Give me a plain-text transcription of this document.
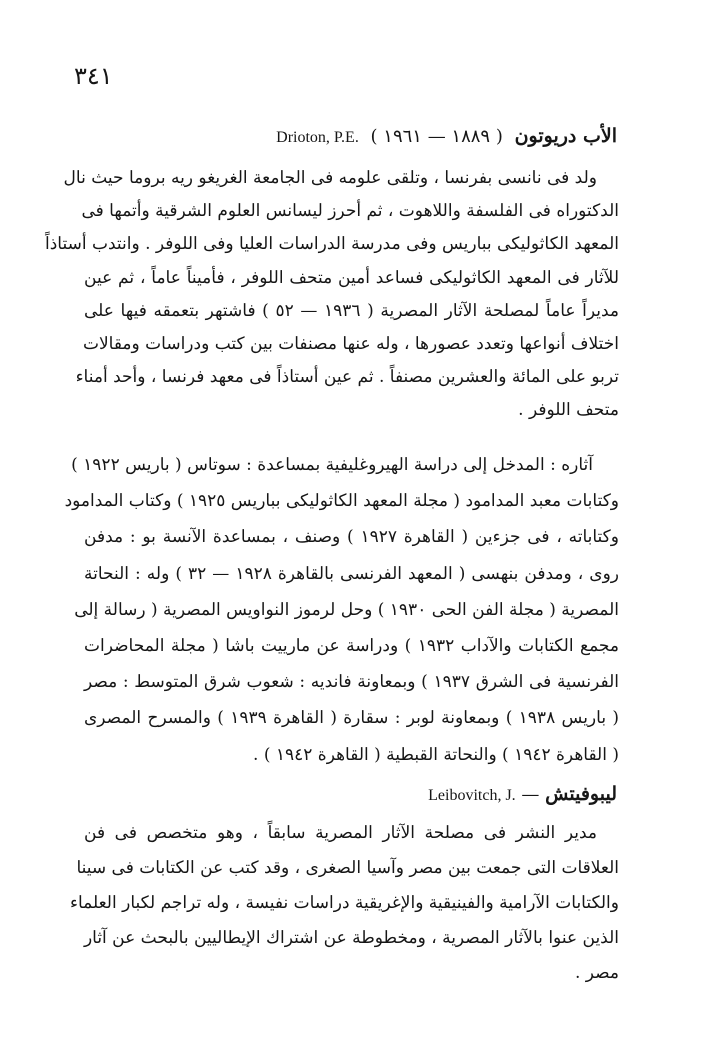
٣٤١
الأب دريوتون ( ١٨٨٩ — ١٩٦١ ) Drioton, P.E.
ولد فى نانسى بفرنسا ، وتلقى علومه فى الجامعة الغريغو ريه بروما حيث نال
الدكتوراه فى الفلسفة واللاهوت ، ثم أحرز ليسانس العلوم الشرقية وأتمها فى
المعهد الكاثوليكى بباريس وفى مدرسة الدراسات العليا وفى اللوفر . وانتدب أستاذاً
للآثار فى المعهد الكاثوليكى فساعد أمين متحف اللوفر ، فأميناً عاماً ، ثم عين
مديراً عاماً لمصلحة الآثار المصرية ( ١٩٣٦ — ٥٢ ) فاشتهر بتعمقه فيها على
اختلاف أنواعها وتعدد عصورها ، وله عنها مصنفات بين كتب ودراسات ومقالات
تربو على المائة والعشرين مصنفاً . ثم عين أستاذاً فى معهد فرنسا ، وأحد أمناء
متحف اللوفر .
آثاره : المدخل إلى دراسة الهيروغليفية بمساعدة : سوتاس ( باريس ١٩٢٢ )
وكتابات معبد المدامود ( مجلة المعهد الكاثوليكى بباريس ١٩٢٥ ) وكتاب المدامود
وكتاباته ، فى جزءين ( القاهرة ١٩٢٧ ) وصنف ، بمساعدة الآنسة بو : مدفن
روى ، ومدفن بنهسى ( المعهد الفرنسى بالقاهرة ١٩٢٨ — ٣٢ ) وله : النحاتة
المصرية ( مجلة الفن الحى ١٩٣٠ ) وحل لرموز النواويس المصرية ( رسالة إلى
مجمع الكتابات والآداب ١٩٣٢ ) ودراسة عن مارييت باشا ( مجلة المحاضرات
الفرنسية فى الشرق ١٩٣٧ ) وبمعاونة فانديه : شعوب شرق المتوسط : مصر
( باريس ١٩٣٨ ) وبمعاونة لوبر : سقارة ( القاهرة ١٩٣٩ ) والمسرح المصرى
( القاهرة ١٩٤٢ ) والنحاتة القبطية ( القاهرة ١٩٤٢ ) .
ليبوفيتش — Leibovitch, J.
مدير النشر فى مصلحة الآثار المصرية سابقاً ، وهو متخصص فى فن
العلاقات التى جمعت بين مصر وآسيا الصغرى ، وقد كتب عن الكتابات فى سينا
والكتابات الآرامية والفينيقية والإغريقية دراسات نفيسة ، وله تراجم لكبار العلماء
الذين عنوا بالآثار المصرية ، ومخطوطة عن اشتراك الإيطاليين بالبحث عن آثار
مصر .
